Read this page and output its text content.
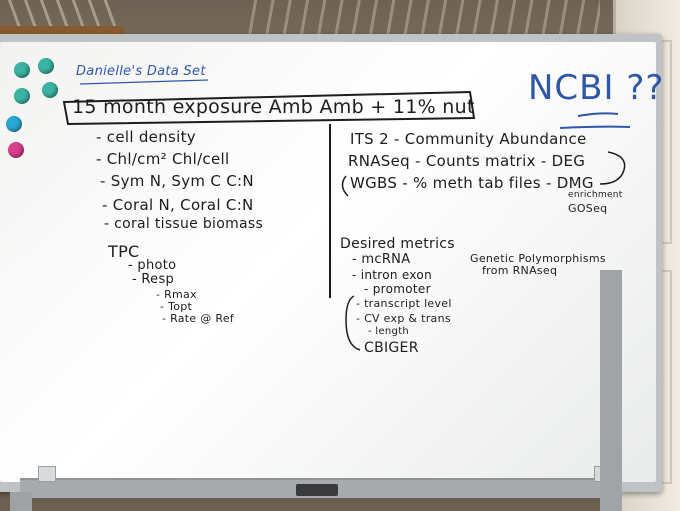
Danielle's Data Set	NCBI ??
15 month exposure Amb Amb + 11% nut
- cell density
- Chl/cm² Chl/cell
- Sym N, Sym C C:N
- Coral N, Coral C:N
- coral tissue biomass
TPC
- photo
- Resp
- Rmax
- Topt
- Rate @ Ref
ITS 2 - Community Abundance
RNASeq - Counts matrix - DEG
WGBS - % meth tab files - DMG
enrichment
GOSeq
Desired metrics
- mcRNA
- intron exon
- promoter
- transcript level
- CV exp & trans
- length
CBIGER
Genetic Polymorphisms
from RNAseq
